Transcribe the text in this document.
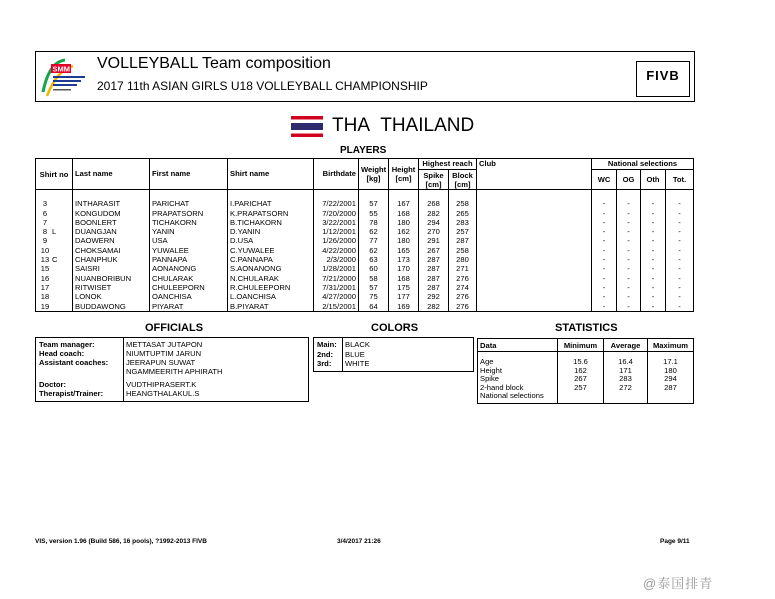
SMM VOLLEYBALL Team composition
2017 11th ASIAN GIRLS U18 VOLLEYBALL CHAMPIONSHIP
FIVB
THA THAILAND
PLAYERS
Shirt no	Last name	First name	Shirt name	Birthdate	Weight [kg]	Height [cm]	Highest reach		Club	National selections			
							Spike [cm]	Block [cm]		WC	OG	Oth	Tot.

3	INTHARASIT	PARICHAT	I.PARICHAT	7/22/2001	57	167	268	258		-	-	-	-
6	KONGUDOM	PRAPATSORN	K.PRAPATSORN	7/20/2000	55	168	282	265		-	-	-	-
7	BOONLERT	TICHAKORN	B.TICHAKORN	3/22/2001	78	180	294	283		-	-	-	-
8 L	DUANGJAN	YANIN	D.YANIN	1/12/2001	62	162	270	257		-	-	-	-
9	DAOWERN	USA	D.USA	1/26/2000	77	180	291	287		-	-	-	-
10	CHOKSAMAI	YUWALEE	C.YUWALEE	4/22/2000	62	165	267	258		-	-	-	-
13 C	CHANPHUK	PANNAPA	C.PANNAPA	2/3/2000	63	173	287	280		-	-	-	-
15	SAISRI	AONANONG	S.AONANONG	1/28/2001	60	170	287	271		-	-	-	-
16	NUANBORIBUN	CHULARAK	N.CHULARAK	7/21/2000	58	168	287	276		-	-	-	-
17	RITWISET	CHULEEPORN	R.CHULEEPORN	7/31/2001	57	175	287	274		-	-	-	-
18	LONOK	OANCHISA	L.OANCHISA	4/27/2000	75	177	292	276		-	-	-	-
19	BUDDAWONG	PIYARAT	B.PIYARAT	2/15/2001	64	169	282	276		-	-	-	-
OFFICIALS	COLORS	STATISTICS
Team manager:	METTASAT JUTAPON
Head coach:	NIUMTUPTIM JARUN
Assistant coaches: JEERAPUN SUWAT
NGAMMEERITH APHIRATH
Doctor:	VUDTHIPRASERT.K
Therapist/Trainer:	HEANGTHALAKUL.S
Main: BLACK
2nd: BLUE
3rd: WHITE
Data	Minimum	Average	Maximum
Age	15.6	16.4	17.1
Height	162	171	180
Spike	267	283	294
2-hand block	257	272	287
National selections			
VIS, version 1.96 (Build 586, 16 pools), ?1992-2013 FIVB	3/4/2017 21:26	Page 9/11
@泰国排青
